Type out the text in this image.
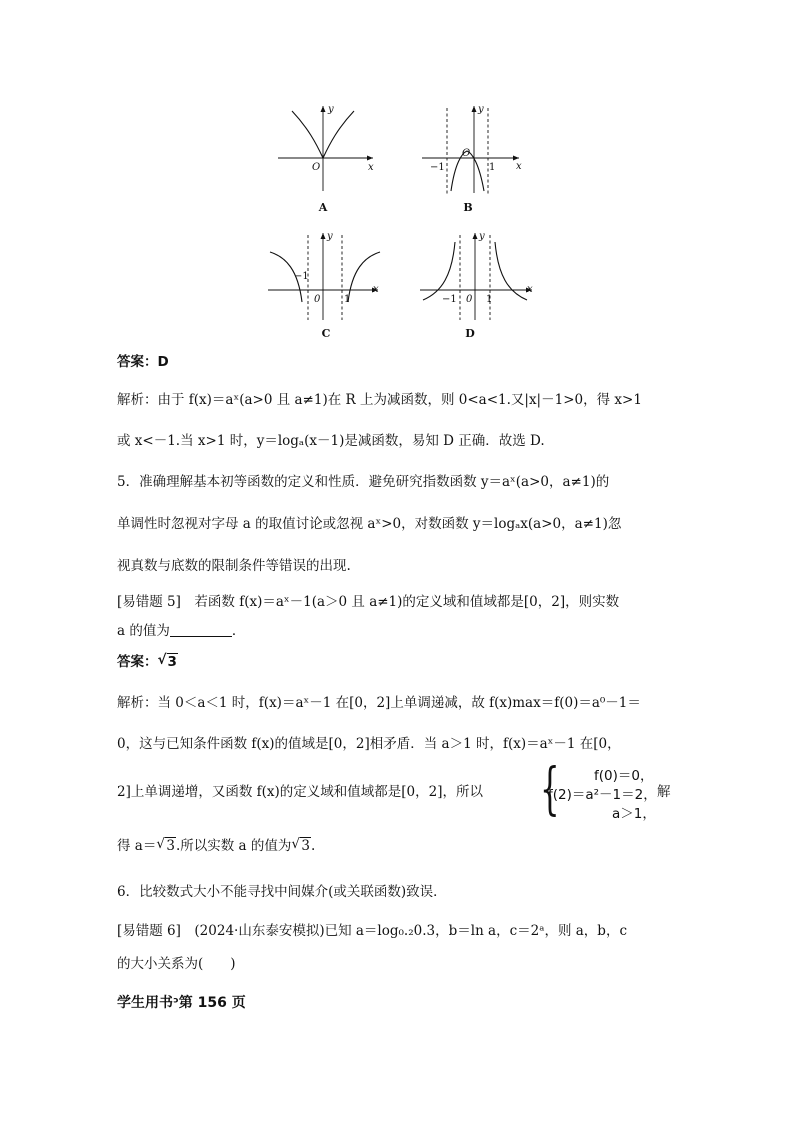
y
x
O
A
y
x
O
−1	1
B
y
x
0
−1
1
C
y
x
0
−1	1
D
答案：D
解析：由于 f(x)＝aˣ(a>0 且 a≠1)在 R 上为减函数，则 0<a<1.又|x|－1>0，得 x>1
或 x<－1.当 x>1 时，y＝logₐ(x－1)是减函数，易知 D 正确．故选 D.
5．准确理解基本初等函数的定义和性质．避免研究指数函数 y＝aˣ(a>0，a≠1)的
单调性时忽视对字母 a 的取值讨论或忽视 aˣ>0，对数函数 y＝logₐx(a>0，a≠1)忽
视真数与底数的限制条件等错误的出现.
[易错题 5]　若函数 f(x)＝aˣ－1(a＞0 且 a≠1)的定义域和值域都是[0，2]，则实数
a 的值为	．
答案： √ 3
解析：当 0＜a＜1 时，f(x)＝aˣ－1 在[0，2]上单调递减，故 f(x)max＝f(0)＝a⁰－1＝
0，这与已知条件函数 f(x)的值域是[0，2]相矛盾．当 a＞1 时，f(x)＝aˣ－1 在[0，
2]上单调递增，又函数 f(x)的定义域和值域都是[0，2]，所以	解
{	f(0)＝0，
f(2)＝a²－1＝2，
a＞1，
得 a＝ √ 3.所以实数 a 的值为 √ 3.
6．比较数式大小不能寻找中间媒介(或关联函数)致误．
[易错题 6]　(2024·山东泰安模拟)已知 a＝log₀.₂0.3，b＝ln a，c＝2ᵃ，则 a，b，c
的大小关系为(　　)
学生用书ᵓ第 156 页
